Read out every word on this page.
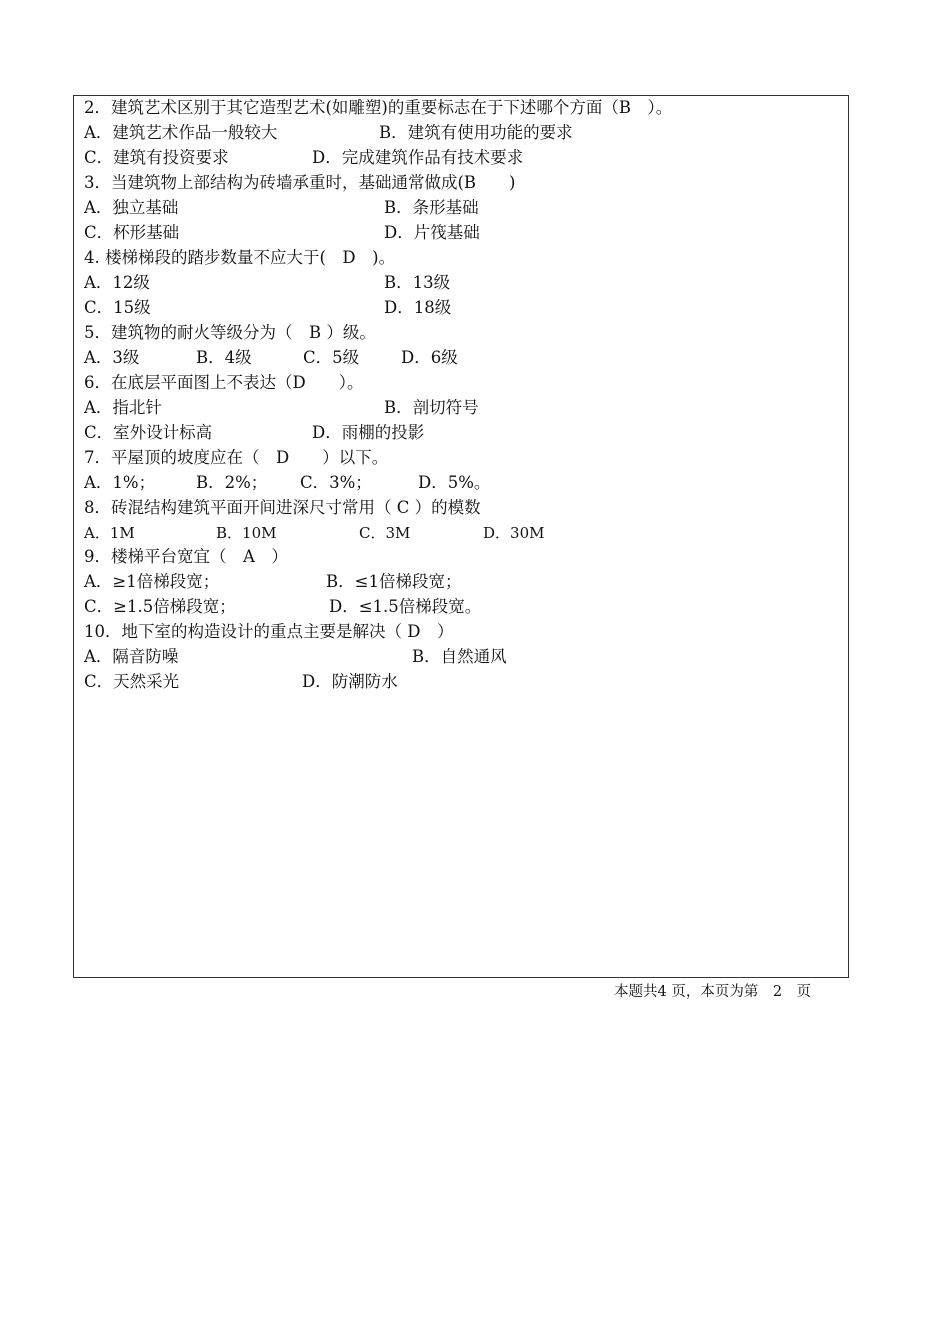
2．建筑艺术区别于其它造型艺术(如雕塑)的重要标志在于下述哪个方面（B　）。
A．建筑艺术作品一般较大	B．建筑有使用功能的要求
C．建筑有投资要求	D．完成建筑作品有技术要求
3．当建筑物上部结构为砖墙承重时，基础通常做成(B　　)
A．独立基础	B．条形基础
C．杯形基础	D．片筏基础
4. 楼梯梯段的踏步数量不应大于(　D　)。
A．12级	B．13级
C．15级	D．18级
5．建筑物的耐火等级分为（　B ）级。
A．3级	B．4级	C．5级	D．6级
6．在底层平面图上不表达（D　　）。
A．指北针	B．剖切符号
C．室外设计标高	D．雨棚的投影
7．平屋顶的坡度应在（　D　　）以下。
A．1%； B．2%； C．3%；	D．5%。
8．砖混结构建筑平面开间进深尺寸常用（ C ）的模数
A．1M	B．10M	C．3M	D．30M
9．楼梯平台宽宜（　A　）
A．≥1倍梯段宽；	B．≤1倍梯段宽；
C．≥1.5倍梯段宽；	D．≤1.5倍梯段宽。
10．地下室的构造设计的重点主要是解决（ D　）
A．隔音防噪	B．自然通风
C．天然采光	D．防潮防水
本题共4 页，本页为第　2　页
